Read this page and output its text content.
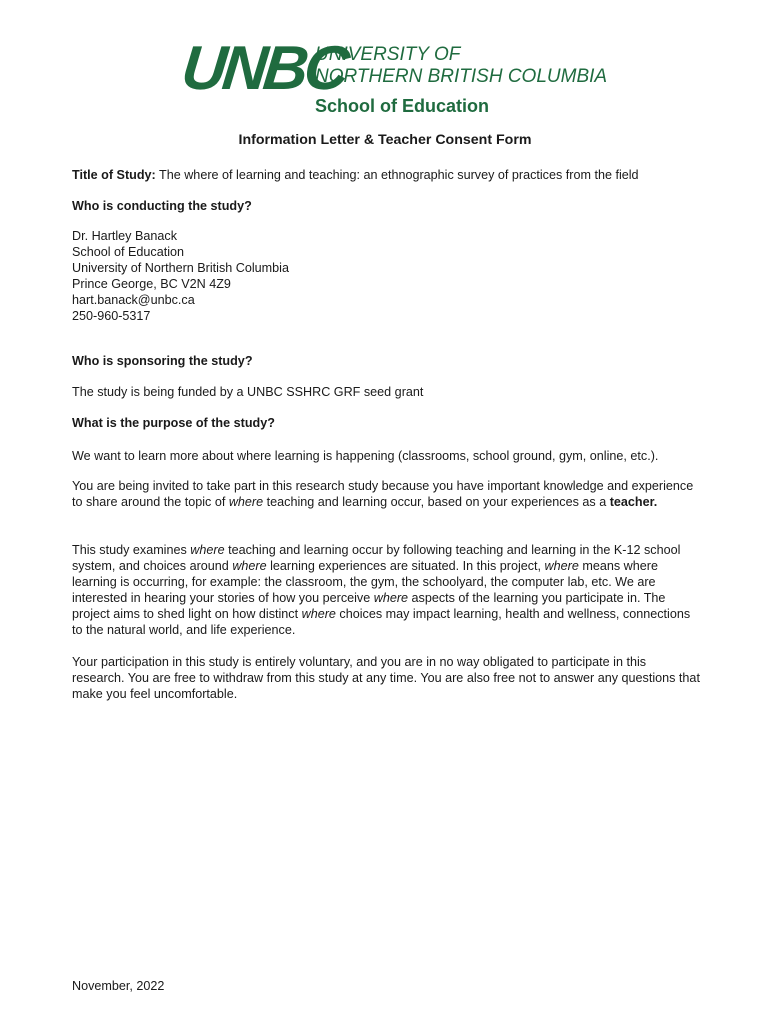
UNBC
UNIVERSITY OF
NORTHERN BRITISH COLUMBIA
School of Education
Information Letter & Teacher Consent Form
Title of Study: The where of learning and teaching: an ethnographic survey of practices from the field
Who is conducting the study?
Dr. Hartley Banack
School of Education
University of Northern British Columbia
Prince George, BC V2N 4Z9
hart.banack@unbc.ca
250-960-5317
Who is sponsoring the study?
The study is being funded by a UNBC SSHRC GRF seed grant
What is the purpose of the study?
We want to learn more about where learning is happening (classrooms, school ground, gym, online, etc.).

You are being invited to take part in this research study because you have important knowledge and experience to share around the topic of where teaching and learning occur, based on your experiences as a teacher.

This study examines where teaching and learning occur by following teaching and learning in the K-12 school system, and choices around where learning experiences are situated. In this project, where means where learning is occurring, for example: the classroom, the gym, the schoolyard, the computer lab, etc. We are interested in hearing your stories of how you perceive where aspects of the learning you participate in. The project aims to shed light on how distinct where choices may impact learning, health and wellness, connections to the natural world, and life experience.

Your participation in this study is entirely voluntary, and you are in no way obligated to participate in this research. You are free to withdraw from this study at any time. You are also free not to answer any questions that make you feel uncomfortable.

November, 2022
